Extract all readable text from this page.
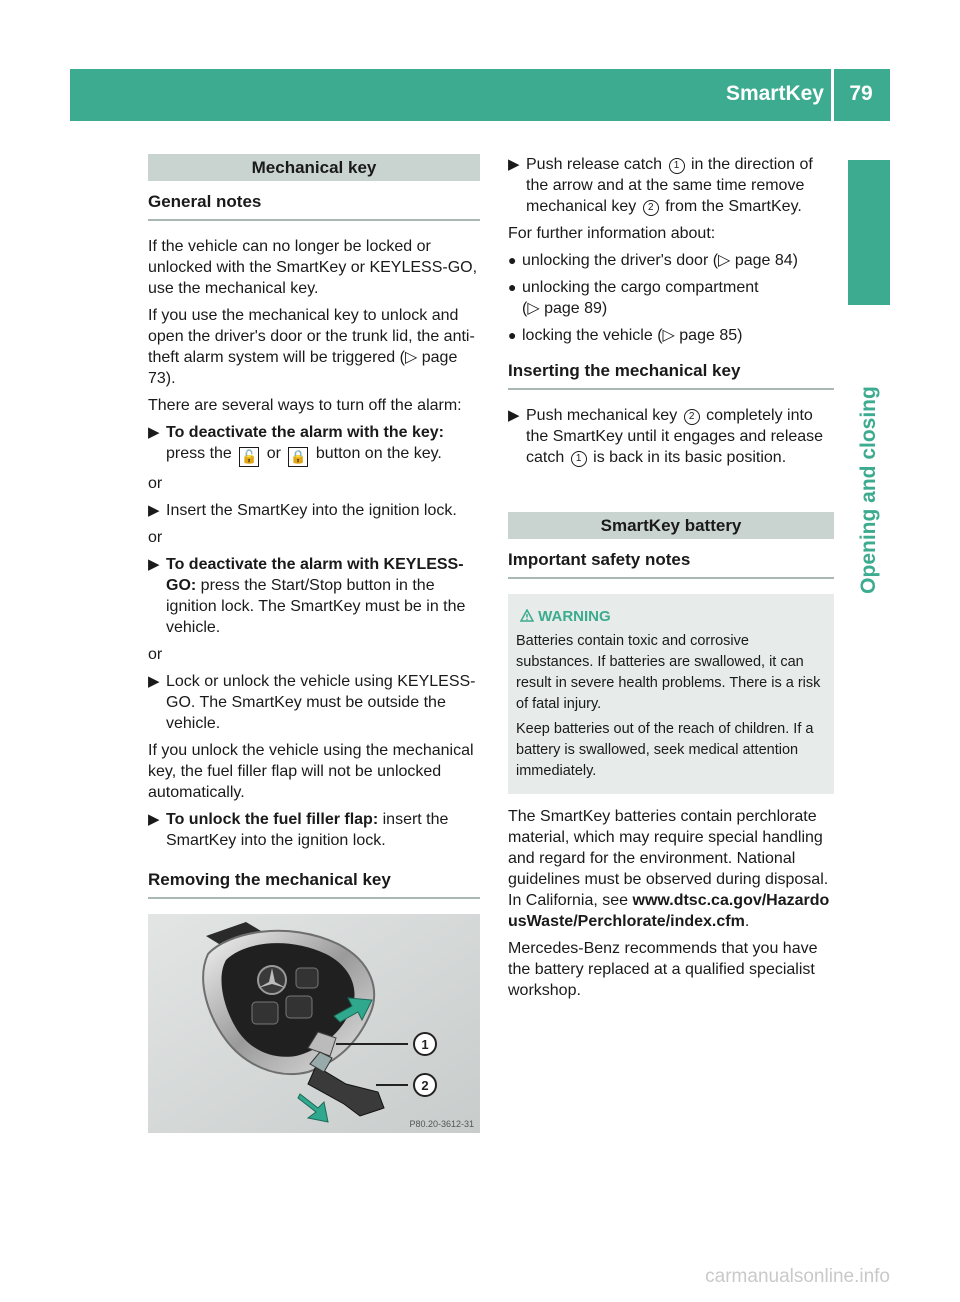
SmartKey	79
Opening and closing
Mechanical key
General notes

If the vehicle can no longer be locked or unlocked with the SmartKey or KEYLESS-GO, use the mechanical key.

If you use the mechanical key to unlock and open the driver's door or the trunk lid, the anti-theft alarm system will be triggered (▷ page 73).

There are several ways to turn off the alarm:

▶ To deactivate the alarm with the key:
press the 🔓 or 🔒 button on the key.

or

▶ Insert the SmartKey into the ignition lock.

or

▶ To deactivate the alarm with KEYLESS-GO: press the Start/Stop button in the ignition lock. The SmartKey must be in the vehicle.

or

▶ Lock or unlock the vehicle using KEYLESS-GO. The SmartKey must be outside the vehicle.

If you unlock the vehicle using the mechanical key, the fuel filler flap will not be unlocked automatically.

▶ To unlock the fuel filler flap: insert the SmartKey into the ignition lock.
Removing the mechanical key
1
2
P80.20-3612-31
▶ Push release catch 1 in the direction of the arrow and at the same time remove mechanical key 2 from the SmartKey.

For further information about:

● unlocking the driver's door (▷ page 84)
● unlocking the cargo compartment
(▷ page 89)
● locking the vehicle (▷ page 85)
Inserting the mechanical key
▶ Push mechanical key 2 completely into the SmartKey until it engages and release catch 1 is back in its basic position.
SmartKey battery
Important safety notes
WARNING

Batteries contain toxic and corrosive substances. If batteries are swallowed, it can result in severe health problems. There is a risk of fatal injury.

Keep batteries out of the reach of children. If a battery is swallowed, seek medical attention immediately.

The SmartKey batteries contain perchlorate material, which may require special handling and regard for the environment. National guidelines must be observed during disposal. In California, see www.dtsc.ca.gov/HazardousWaste/Perchlorate/index.cfm.

Mercedes-Benz recommends that you have the battery replaced at a qualified specialist workshop.

carmanualsonline.info
